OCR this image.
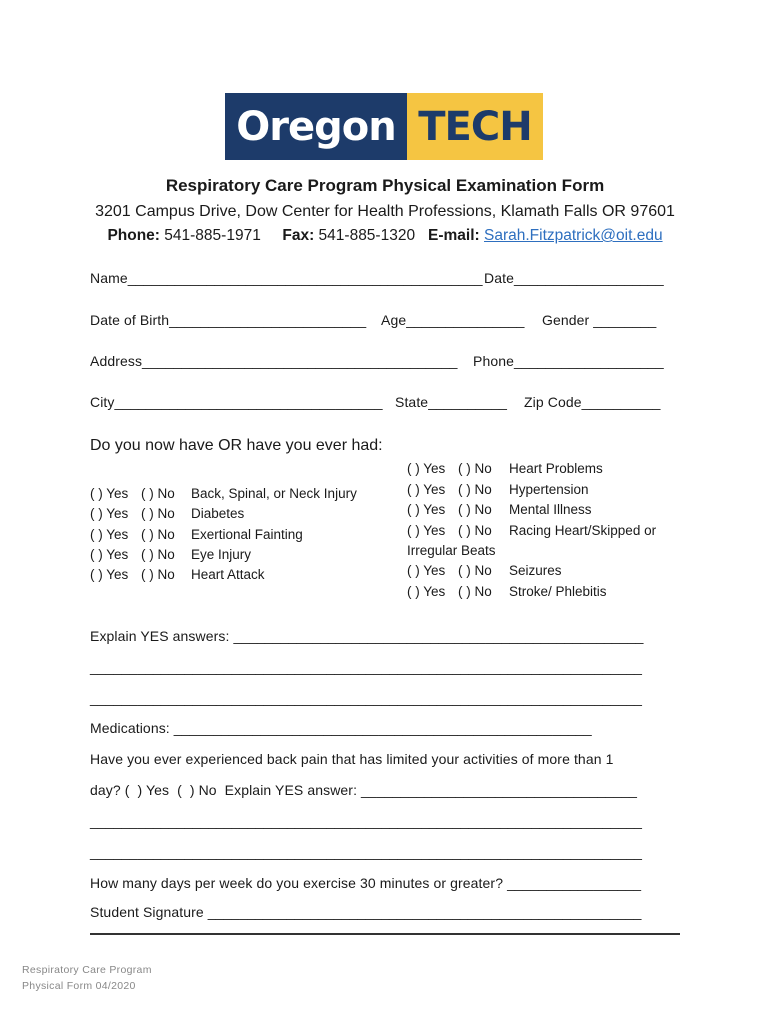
Oregon TECH
Respiratory Care Program Physical Examination Form
3201 Campus Drive, Dow Center for Health Professions, Klamath Falls OR 97601
Phone: 541-885-1971 Fax: 541-885-1320 E-mail: Sarah.Fitzpatrick@oit.edu
Name_____________________________________________ Date___________________
Date of Birth_________________________ Age_______________ Gender ________
Address________________________________________ Phone___________________
City__________________________________ State__________ Zip Code__________
Do you now have OR have you ever had:
( ) Yes ( ) No Back, Spinal, or Neck Injury
( ) Yes ( ) No Diabetes
( ) Yes ( ) No Exertional Fainting
( ) Yes ( ) No Eye Injury
( ) Yes ( ) No Heart Attack
( ) Yes ( ) No Heart Problems
( ) Yes ( ) No Hypertension
( ) Yes ( ) No Mental Illness
( ) Yes ( ) No Racing Heart/Skipped or
Irregular Beats
( ) Yes ( ) No Seizures
( ) Yes ( ) No Stroke/ Phlebitis
Explain YES answers: ____________________________________________________
______________________________________________________________________
______________________________________________________________________
Medications: _____________________________________________________
Have you ever experienced back pain that has limited your activities of more than 1
day? (  ) Yes  (  ) No  Explain YES answer: ___________________________________
______________________________________________________________________
______________________________________________________________________
How many days per week do you exercise 30 minutes or greater? _________________
Student Signature _______________________________________________________
Respiratory Care Program
Physical Form 04/2020
